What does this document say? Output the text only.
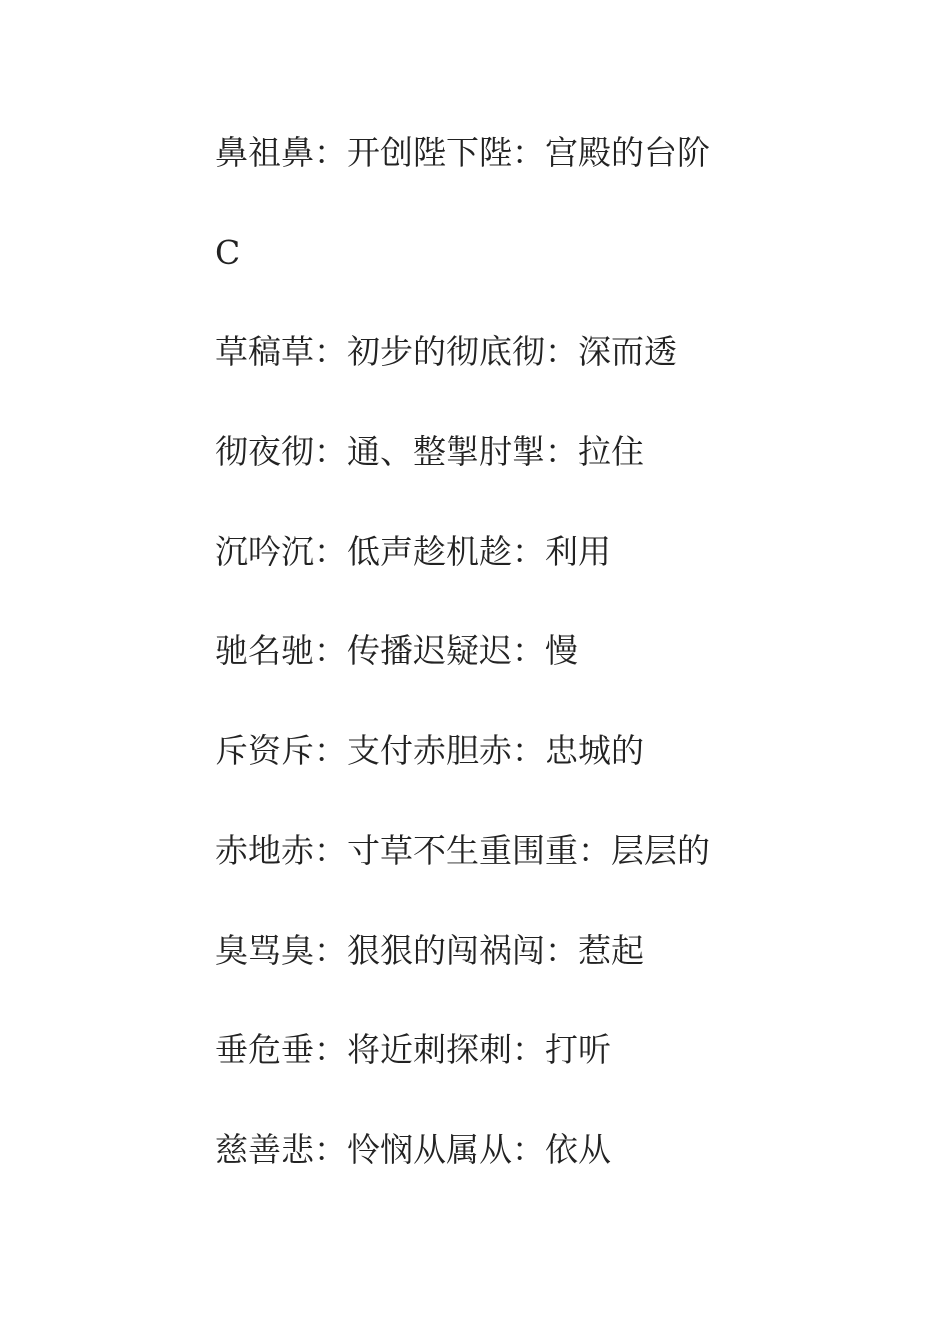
鼻祖鼻：开创陛下陛：宫殿的台阶
C
草稿草：初步的彻底彻：深而透
彻夜彻：通、整掣肘掣：拉住
沉吟沉：低声趁机趁：利用
驰名驰：传播迟疑迟：慢
斥资斥：支付赤胆赤：忠城的
赤地赤：寸草不生重围重：层层的
臭骂臭：狠狠的闯祸闯：惹起
垂危垂：将近刺探刺：打听
慈善悲：怜悯从属从：依从
